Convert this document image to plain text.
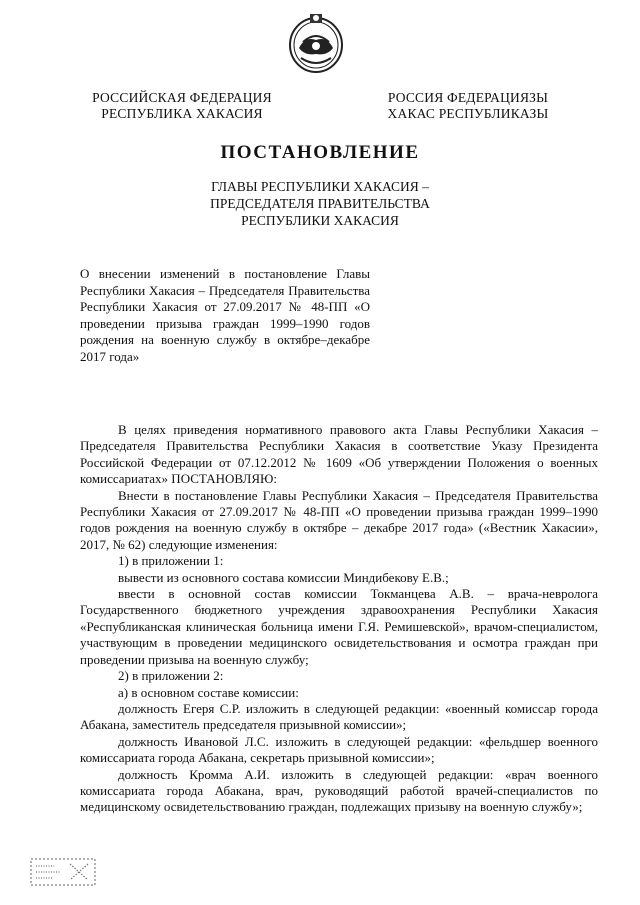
РОССИЙСКАЯ ФЕДЕРАЦИЯ
РЕСПУБЛИКА ХАКАСИЯ
РОССИЯ ФЕДЕРАЦИЯЗЫ
ХАКАС РЕСПУБЛИКАЗЫ
ПОСТАНОВЛЕНИЕ
ГЛАВЫ РЕСПУБЛИКИ ХАКАСИЯ –
ПРЕДСЕДАТЕЛЯ ПРАВИТЕЛЬСТВА
РЕСПУБЛИКИ ХАКАСИЯ
О внесении изменений в постановление Главы Республики Хакасия – Председателя Правительства Республики Хакасия от 27.09.2017 № 48-ПП «О проведении призыва граждан 1999–1990 годов рождения на военную службу в октябре–декабре 2017 года»

В целях приведения нормативного правового акта Главы Республики Хакасия – Председателя Правительства Республики Хакасия в соответствие Указу Президента Российской Федерации от 07.12.2012 № 1609 «Об утверждении Положения о военных комиссариатах» ПОСТАНОВЛЯЮ:

Внести в постановление Главы Республики Хакасия – Председателя Правительства Республики Хакасия от 27.09.2017 № 48-ПП «О проведении призыва граждан 1999–1990 годов рождения на военную службу в октябре – декабре 2017 года» («Вестник Хакасии», 2017, № 62) следующие изменения:

1) в приложении 1:

вывести из основного состава комиссии Миндибекову Е.В.;

ввести в основной состав комиссии Токманцева А.В. – врача-невролога Государственного бюджетного учреждения здравоохранения Республики Хакасия «Республиканская клиническая больница имени Г.Я. Ремишевской», врачом-специалистом, участвующим в проведении медицинского освидетельствования и осмотра граждан при проведении призыва на военную службу;

2) в приложении 2:

а) в основном составе комиссии:

должность Егеря С.Р. изложить в следующей редакции: «военный комиссар города Абакана, заместитель председателя призывной комиссии»;

должность Ивановой Л.С. изложить в следующей редакции: «фельдшер военного комиссариата города Абакана, секретарь призывной комиссии»;

должность Кромма А.И. изложить в следующей редакции: «врач военного комиссариата города Абакана, врач, руководящий работой врачей-специалистов по медицинскому освидетельствованию граждан, подлежащих призыву на военную службу»;
